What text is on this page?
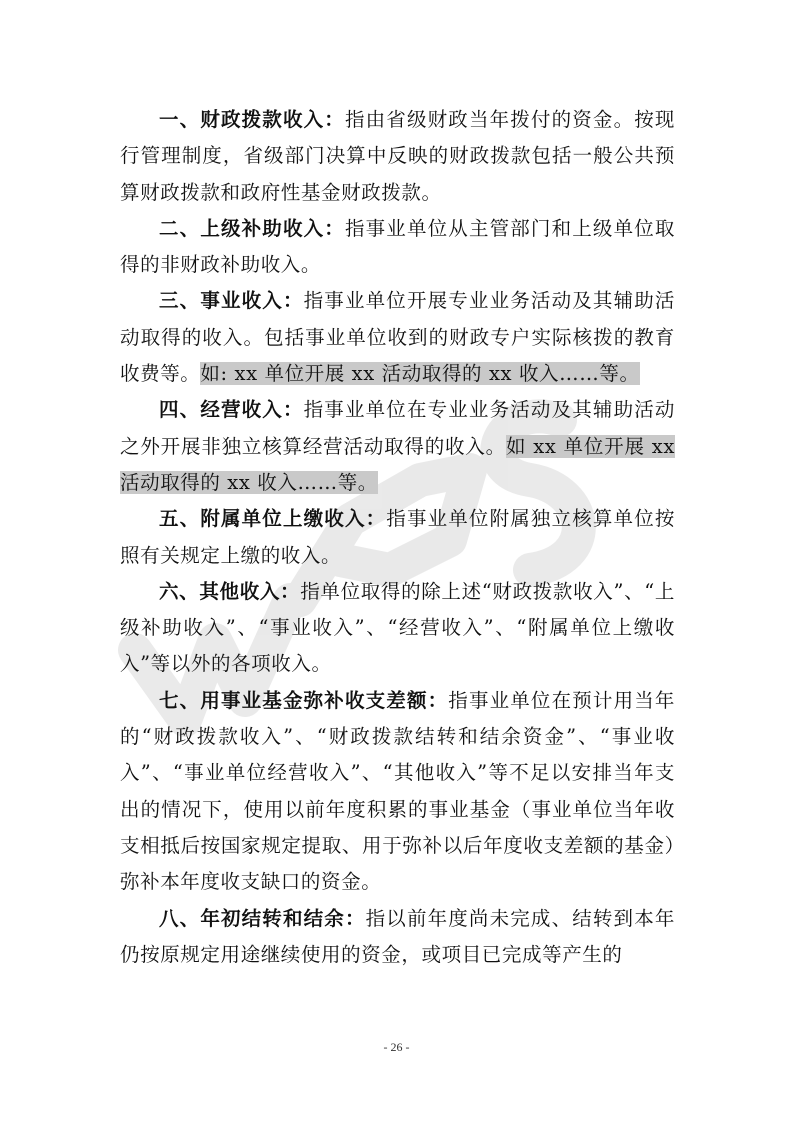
一、财政拨款收入：指由省级财政当年拨付的资金。按现行管理制度，省级部门决算中反映的财政拨款包括一般公共预算财政拨款和政府性基金财政拨款。

二、上级补助收入：指事业单位从主管部门和上级单位取得的非财政补助收入。

三、事业收入：指事业单位开展专业业务活动及其辅助活动取得的收入。包括事业单位收到的财政专户实际核拨的教育收费等。如: xx 单位开展 xx 活动取得的 xx 收入……等。

四、经营收入：指事业单位在专业业务活动及其辅助活动之外开展非独立核算经营活动取得的收入。如 xx 单位开展 xx 活动取得的 xx 收入……等。

五、附属单位上缴收入：指事业单位附属独立核算单位按照有关规定上缴的收入。

六、其他收入：指单位取得的除上述“财政拨款收入”、“上级补助收入”、“事业收入”、“经营收入”、“附属单位上缴收入”等以外的各项收入。

七、用事业基金弥补收支差额：指事业单位在预计用当年的“财政拨款收入”、“财政拨款结转和结余资金”、“事业收入”、“事业单位经营收入”、“其他收入”等不足以安排当年支出的情况下，使用以前年度积累的事业基金（事业单位当年收支相抵后按国家规定提取、用于弥补以后年度收支差额的基金）弥补本年度收支缺口的资金。

八、年初结转和结余：指以前年度尚未完成、结转到本年仍按原规定用途继续使用的资金，或项目已完成等产生的

- 26 -
